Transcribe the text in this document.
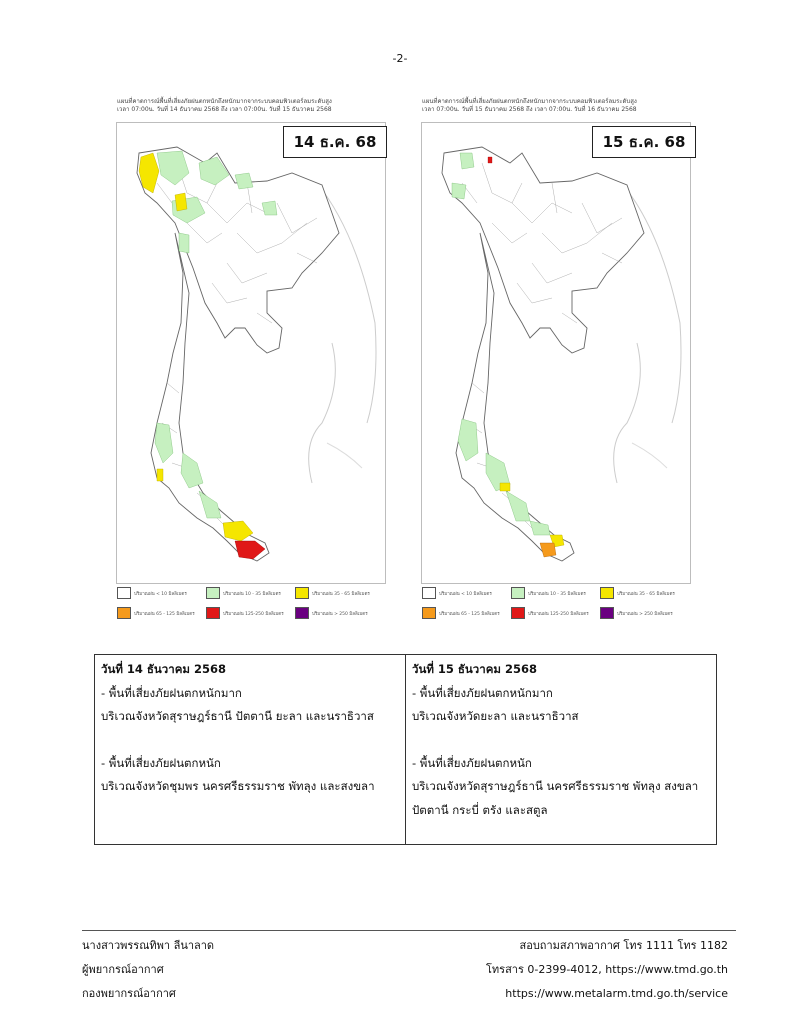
-2-
แผนที่คาดการณ์พื้นที่เสี่ยงภัยฝนตกหนักถึงหนักมากจากระบบคอมพิวเตอร์ลมระดับสูง
เวลา 07:00น. วันที่ 14 ธันวาคม 2568 ถึง เวลา 07:00น. วันที่ 15 ธันวาคม 2568
14 ธ.ค. 68
ปริมาณฝน < 10 มิลลิเมตร	ปริมาณฝน 10 - 35 มิลลิเมตร	ปริมาณฝน 35 - 65 มิลลิเมตร
ปริมาณฝน 65 - 125 มิลลิเมตร	ปริมาณฝน 125-250 มิลลิเมตร	ปริมาณฝน > 250 มิลลิเมตร
แผนที่คาดการณ์พื้นที่เสี่ยงภัยฝนตกหนักถึงหนักมากจากระบบคอมพิวเตอร์ลมระดับสูง
เวลา 07:00น. วันที่ 15 ธันวาคม 2568 ถึง เวลา 07:00น. วันที่ 16 ธันวาคม 2568
15 ธ.ค. 68
ปริมาณฝน < 10 มิลลิเมตร	ปริมาณฝน 10 - 35 มิลลิเมตร	ปริมาณฝน 35 - 65 มิลลิเมตร
ปริมาณฝน 65 - 125 มิลลิเมตร	ปริมาณฝน 125-250 มิลลิเมตร	ปริมาณฝน > 250 มิลลิเมตร
วันที่ 14 ธันวาคม 2568
- พื้นที่เสี่ยงภัยฝนตกหนักมาก
บริเวณจังหวัดสุราษฎร์ธานี ปัตตานี ยะลา และนราธิวาส
- พื้นที่เสี่ยงภัยฝนตกหนัก
บริเวณจังหวัดชุมพร นครศรีธรรมราช พัทลุง และสงขลา
วันที่ 15 ธันวาคม 2568
- พื้นที่เสี่ยงภัยฝนตกหนักมาก
บริเวณจังหวัดยะลา และนราธิวาส
- พื้นที่เสี่ยงภัยฝนตกหนัก
บริเวณจังหวัดสุราษฎร์ธานี นครศรีธรรมราช พัทลุง สงขลา
ปัตตานี กระบี่ ตรัง และสตูล
นางสาวพรรณทิพา ลีนาลาด
ผู้พยากรณ์อากาศ
กองพยากรณ์อากาศ
สอบถามสภาพอากาศ โทร 1111 โทร 1182
โทรสาร 0-2399-4012, https://www.tmd.go.th
https://www.metalarm.tmd.go.th/service
